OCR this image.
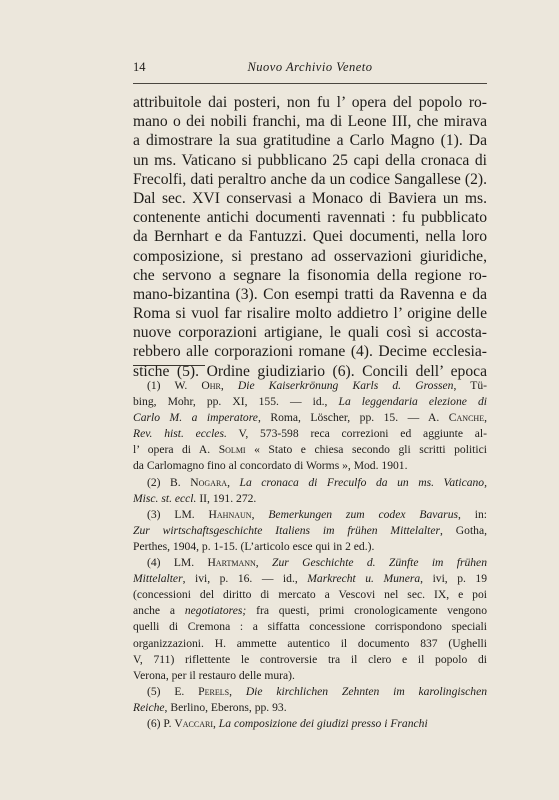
14	Nuovo Archivio Veneto
attribuitole dai posteri, non fu l’ opera del popolo ro-
mano o dei nobili franchi, ma di Leone III, che mirava
a dimostrare la sua gratitudine a Carlo Magno (1). Da
un ms. Vaticano si pubblicano 25 capi della cronaca di
Frecolfi, dati peraltro anche da un codice Sangallese (2).
Dal sec. XVI conservasi a Monaco di Baviera un ms.
contenente antichi documenti ravennati : fu pubblicato
da Bernhart e da Fantuzzi. Quei documenti, nella loro
composizione, si prestano ad osservazioni giuridiche,
che servono a segnare la fisonomia della regione ro-
mano-bizantina (3). Con esempi tratti da Ravenna e da
Roma si vuol far risalire molto addietro l’ origine delle
nuove corporazioni artigiane, le quali così si accosta-
rebbero alle corporazioni romane (4). Decime ecclesia-
stiche (5). Ordine giudiziario (6). Concili dell’ epoca
(1) W. Ohr, Die Kaiserkrönung Karls d. Grossen, Tü-
bing, Mohr, pp. XI, 155. — id., La leggendaria elezione di
Carlo M. a imperatore, Roma, Löscher, pp. 15. — A. Canche,
Rev. hist. eccles. V, 573-598 reca correzioni ed aggiunte al-
l’ opera di A. Solmi « Stato e chiesa secondo gli scritti politici
da Carlomagno fino al concordato di Worms », Mod. 1901.
(2) B. Nogara, La cronaca di Freculfo da un ms. Vaticano,
Misc. st. eccl. II, 191. 272.
(3) LM. Hahnaun, Bemerkungen zum codex Bavarus, in:
Zur wirtschaftsgeschichte Italiens im frühen Mittelalter, Gotha,
Perthes, 1904, p. 1-15. (L’articolo esce qui in 2 ed.).
(4) LM. Hartmann, Zur Geschichte d. Zünfte im frühen
Mittelalter, ivi, p. 16. — id., Markrecht u. Munera, ivi, p. 19
(concessioni del diritto di mercato a Vescovi nel sec. IX, e poi
anche a negotiatores; fra questi, primi cronologicamente vengono
quelli di Cremona : a siffatta concessione corrispondono speciali
organizzazioni. H. ammette autentico il documento 837 (Ughelli
V, 711) riflettente le controversie tra il clero e il popolo di
Verona, per il restauro delle mura).
(5) E. Perels, Die kirchlichen Zehnten im karolingischen
Reiche, Berlino, Eberons, pp. 93.
(6) P. Vaccari, La composizione dei giudizi presso i Franchi
